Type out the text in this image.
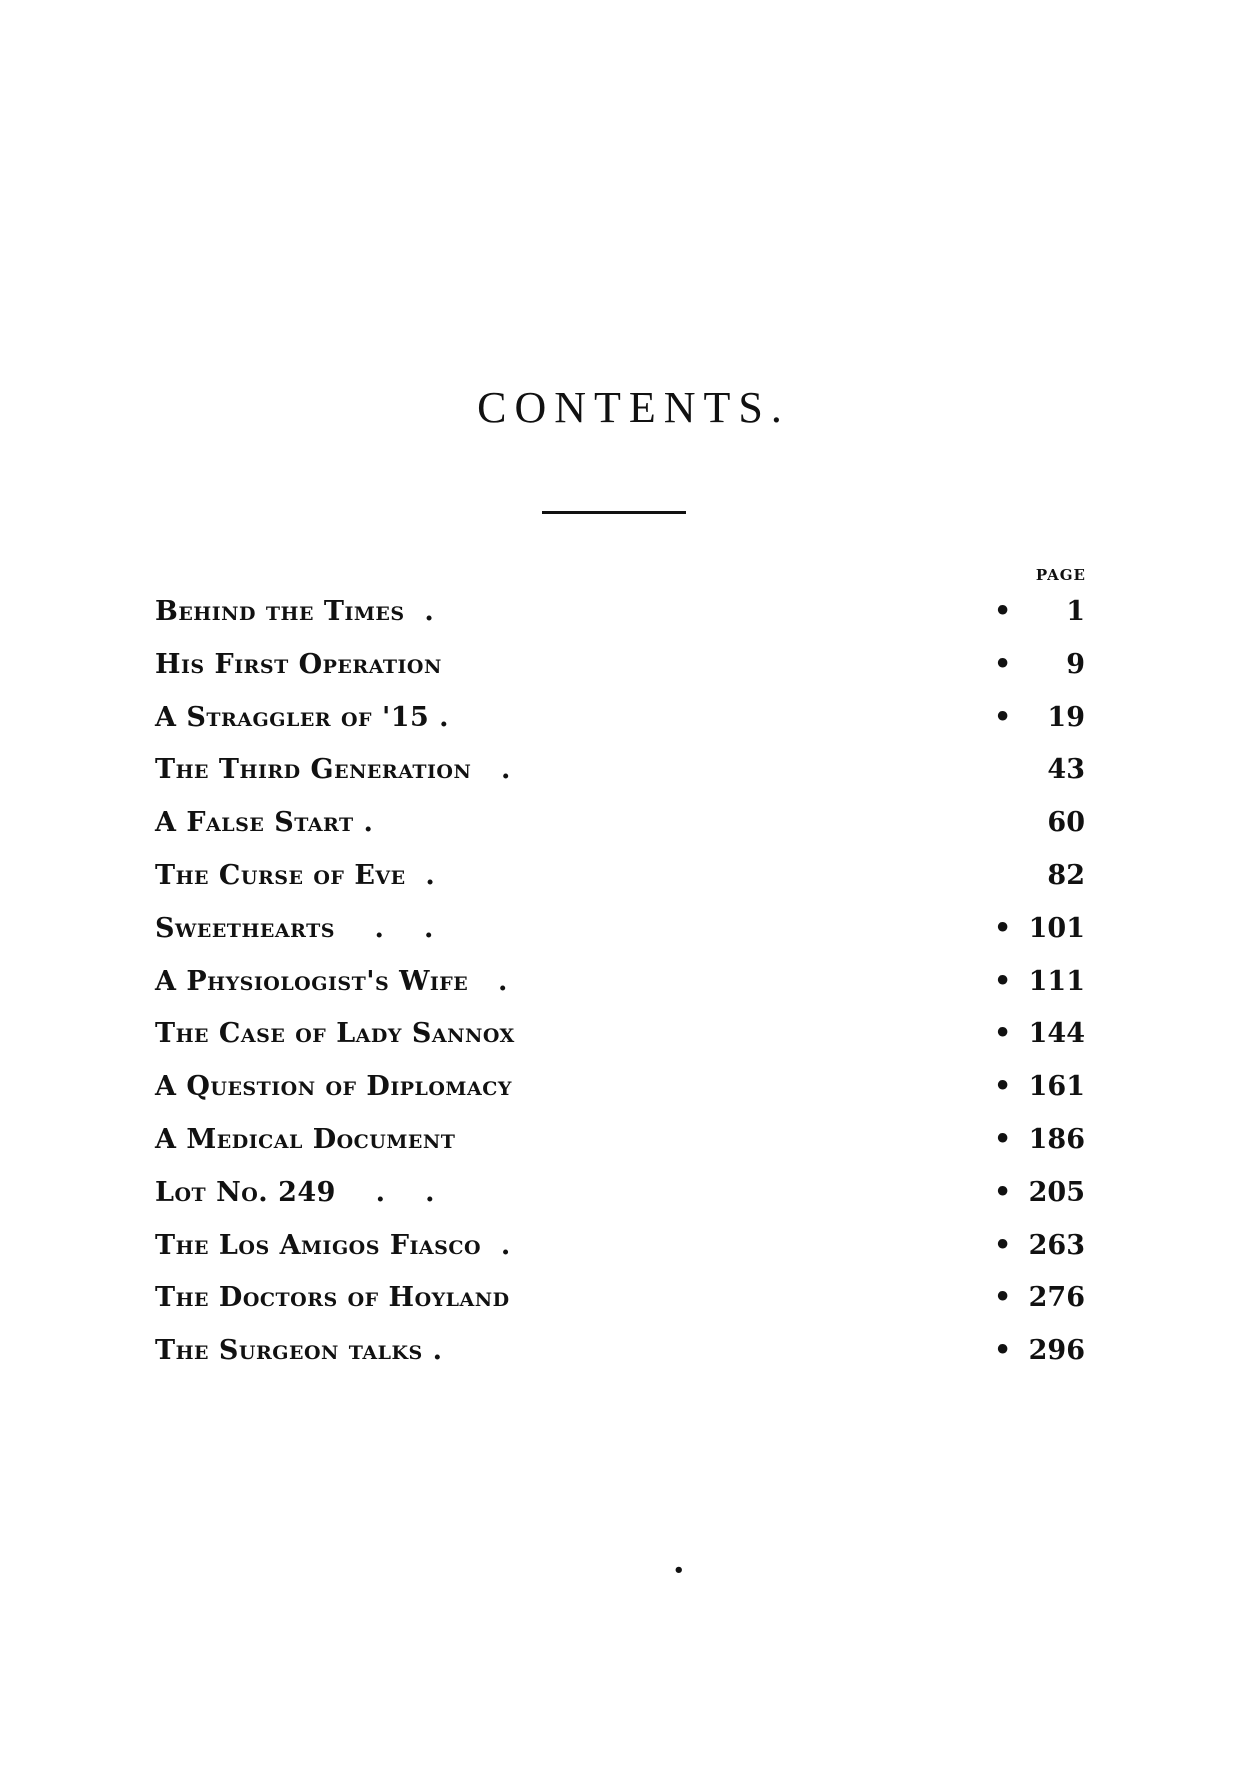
CONTENTS.
PAGE
Behind the Times  .	•	1
His First Operation	•	9
A Straggler of '15 .	•	19
The Third Generation   .	43
A False Start .	60
The Curse of Eve  .	82
Sweethearts    .    .	• 101
A Physiologist's Wife   .	• 111
The Case of Lady Sannox	• 144
A Question of Diplomacy	• 161
A Medical Document	• 186
Lot No. 249    .    .	• 205
The Los Amigos Fiasco  .	• 263
The Doctors of Hoyland	• 276
The Surgeon talks .	• 296
•
